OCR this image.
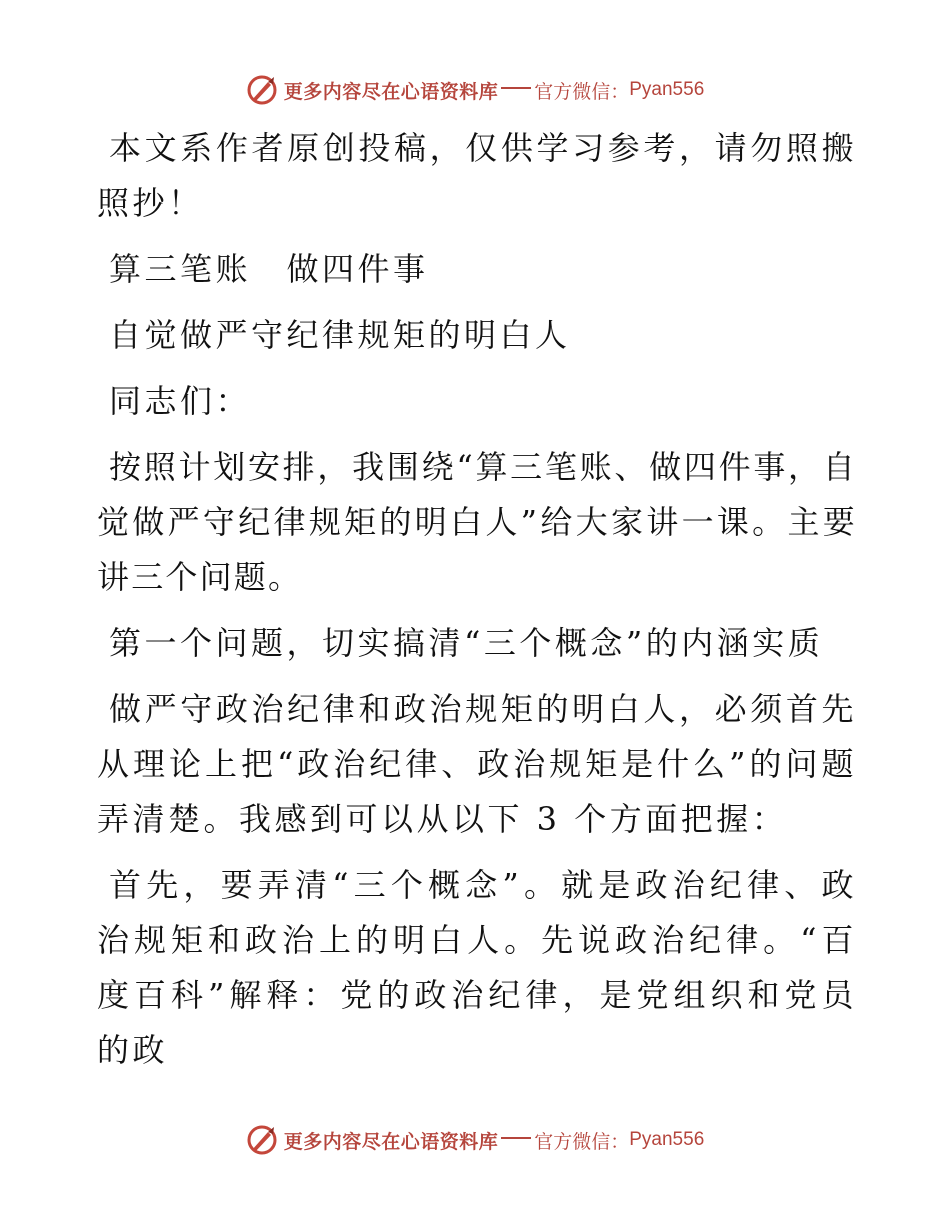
更多内容尽在心语资料库 官方微信： Pyan556

本文系作者原创投稿，仅供学习参考，请勿照搬照抄！

算三笔账　做四件事

自觉做严守纪律规矩的明白人

同志们：

按照计划安排，我围绕“算三笔账、做四件事，自觉做严守纪律规矩的明白人”给大家讲一课。主要讲三个问题。

第一个问题，切实搞清“三个概念”的内涵实质

做严守政治纪律和政治规矩的明白人，必须首先从理论上把“政治纪律、政治规矩是什么”的问题弄清楚。我感到可以从以下 3 个方面把握：

首先，要弄清“三个概念”。就是政治纪律、政治规矩和政治上的明白人。先说政治纪律。“百度百科”解释：党的政治纪律，是党组织和党员的政

更多内容尽在心语资料库 官方微信： Pyan556
